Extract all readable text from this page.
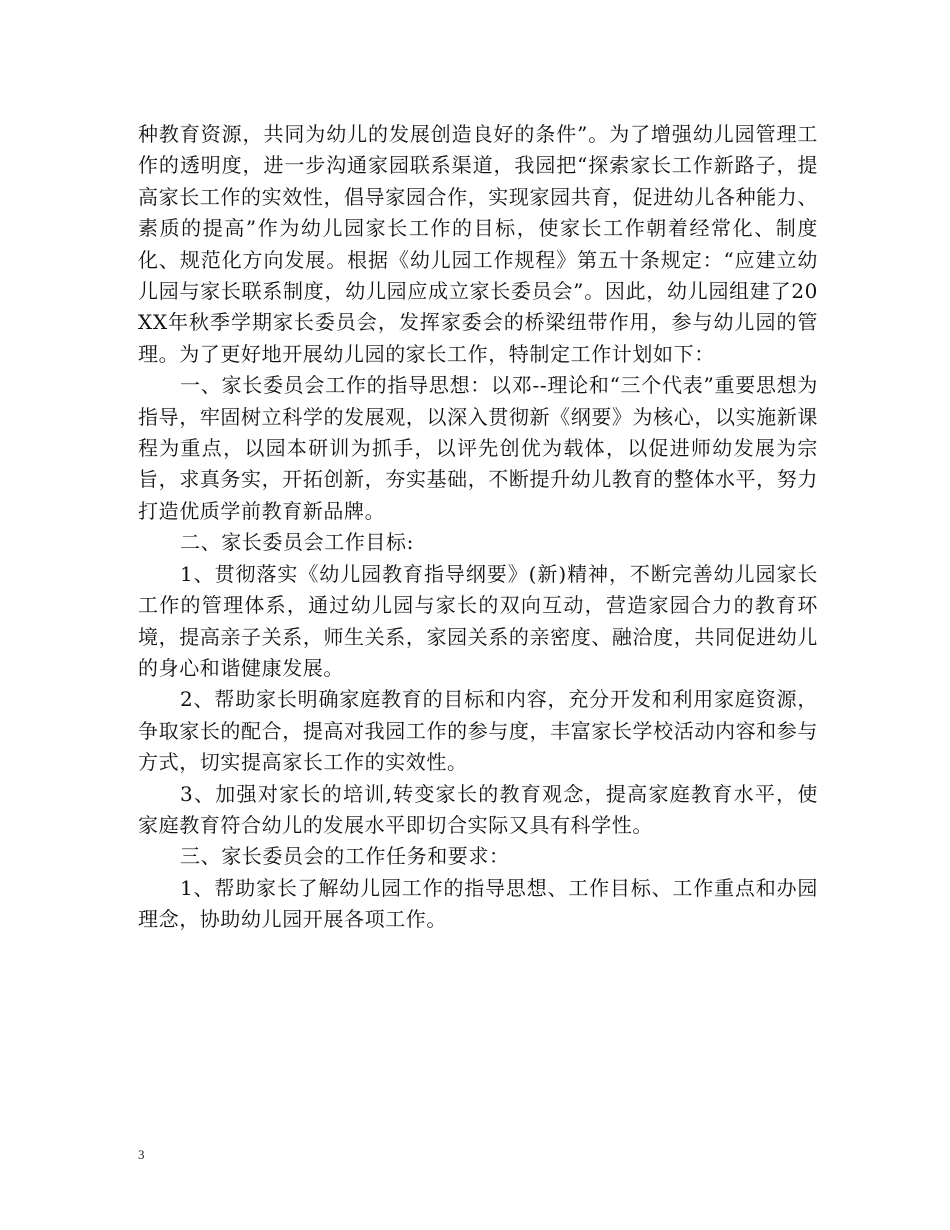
种教育资源，共同为幼儿的发展创造良好的条件”。为了增强幼儿园管理工作的透明度，进一步沟通家园联系渠道，我园把“探索家长工作新路子，提高家长工作的实效性，倡导家园合作，实现家园共育，促进幼儿各种能力、素质的提高”作为幼儿园家长工作的目标，使家长工作朝着经常化、制度化、规范化方向发展。根据《幼儿园工作规程》第五十条规定：“应建立幼儿园与家长联系制度，幼儿园应成立家长委员会”。因此，幼儿园组建了20XX年秋季学期家长委员会，发挥家委会的桥梁纽带作用，参与幼儿园的管理。为了更好地开展幼儿园的家长工作，特制定工作计划如下：

一、家长委员会工作的指导思想：以邓--理论和“三个代表”重要思想为指导，牢固树立科学的发展观，以深入贯彻新《纲要》为核心，以实施新课程为重点，以园本研训为抓手，以评先创优为载体，以促进师幼发展为宗旨，求真务实，开拓创新，夯实基础，不断提升幼儿教育的整体水平，努力打造优质学前教育新品牌。

二、家长委员会工作目标:

1、贯彻落实《幼儿园教育指导纲要》(新)精神，不断完善幼儿园家长工作的管理体系，通过幼儿园与家长的双向互动，营造家园合力的教育环境，提高亲子关系，师生关系，家园关系的亲密度、融洽度，共同促进幼儿的身心和谐健康发展。

2、帮助家长明确家庭教育的目标和内容，充分开发和利用家庭资源，争取家长的配合，提高对我园工作的参与度，丰富家长学校活动内容和参与方式，切实提高家长工作的实效性。

3、加强对家长的培训,转变家长的教育观念，提高家庭教育水平，使家庭教育符合幼儿的发展水平即切合实际又具有科学性。

三、家长委员会的工作任务和要求：

1、帮助家长了解幼儿园工作的指导思想、工作目标、工作重点和办园理念，协助幼儿园开展各项工作。

3
